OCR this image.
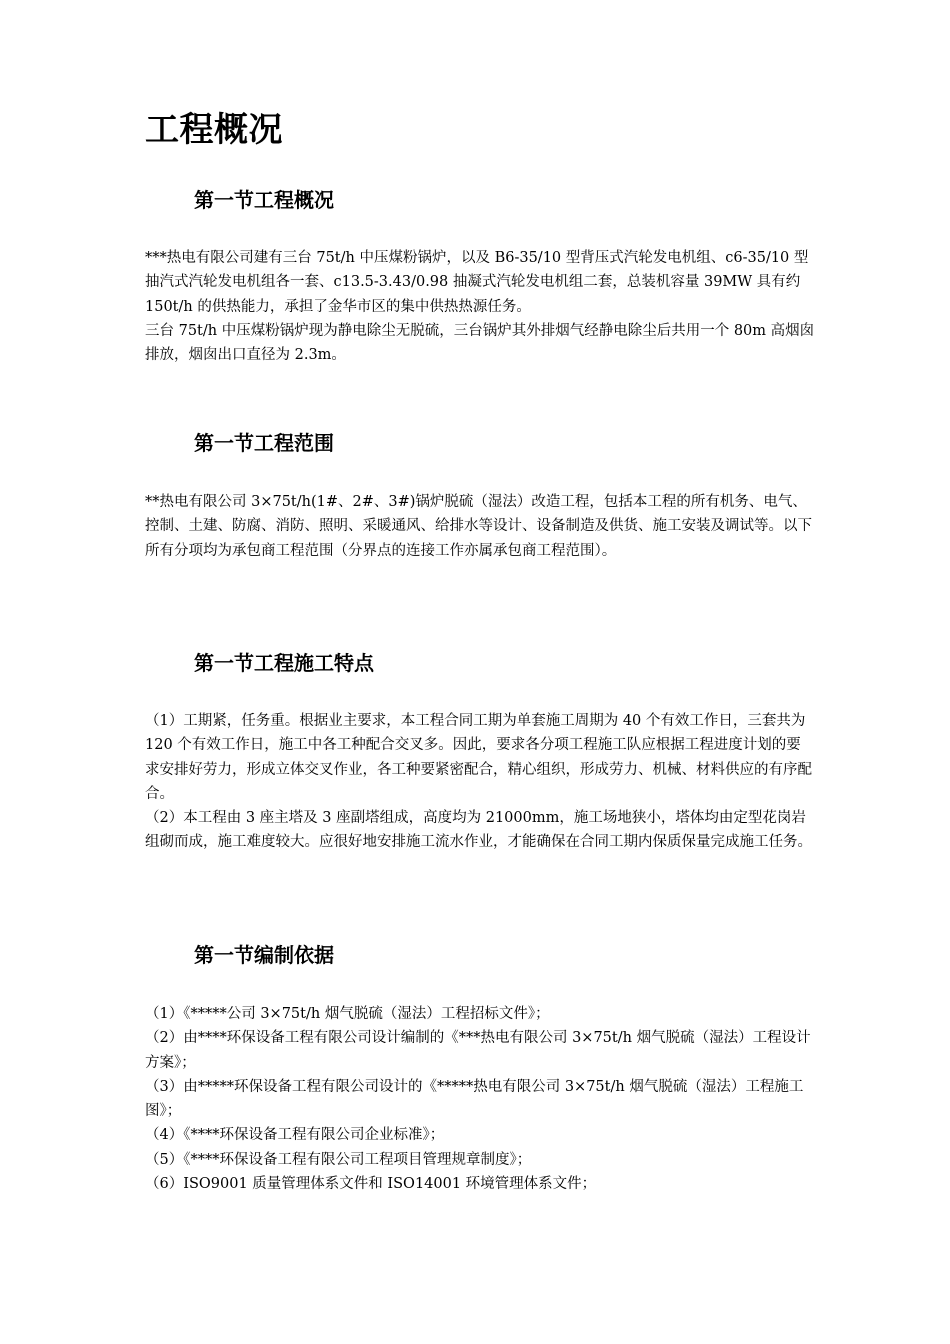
工程概况
第一节工程概况

***热电有限公司建有三台 75t/h 中压煤粉锅炉，以及 B6-35/10 型背压式汽轮发电机组、c6-35/10 型抽汽式汽轮发电机组各一套、c13.5-3.43/0.98 抽凝式汽轮发电机组二套，总装机容量 39MW 具有约 150t/h 的供热能力，承担了金华市区的集中供热热源任务。

三台 75t/h 中压煤粉锅炉现为静电除尘无脱硫，三台锅炉其外排烟气经静电除尘后共用一个 80m 高烟囱排放，烟囱出口直径为 2.3m。

第一节工程范围

**热电有限公司 3×75t/h(1#、2#、3#)锅炉脱硫（湿法）改造工程，包括本工程的所有机务、电气、控制、土建、防腐、消防、照明、采暖通风、给排水等设计、设备制造及供货、施工安装及调试等。以下所有分项均为承包商工程范围（分界点的连接工作亦属承包商工程范围）。

第一节工程施工特点

（1）工期紧，任务重。根据业主要求，本工程合同工期为单套施工周期为 40 个有效工作日，三套共为 120 个有效工作日，施工中各工种配合交叉多。因此，要求各分项工程施工队应根据工程进度计划的要求安排好劳力，形成立体交叉作业，各工种要紧密配合，精心组织，形成劳力、机械、材料供应的有序配合。

（2）本工程由 3 座主塔及 3 座副塔组成，高度均为 21000mm，施工场地狭小，塔体均由定型花岗岩组砌而成，施工难度较大。应很好地安排施工流水作业，才能确保在合同工期内保质保量完成施工任务。

第一节编制依据

（1）《*****公司 3×75t/h 烟气脱硫（湿法）工程招标文件》；

（2）由****环保设备工程有限公司设计编制的《***热电有限公司 3×75t/h 烟气脱硫（湿法）工程设计方案》；

（3）由*****环保设备工程有限公司设计的《*****热电有限公司 3×75t/h 烟气脱硫（湿法）工程施工图》；

（4）《****环保设备工程有限公司企业标准》；

（5）《****环保设备工程有限公司工程项目管理规章制度》；

（6）ISO9001 质量管理体系文件和 ISO14001 环境管理体系文件；
